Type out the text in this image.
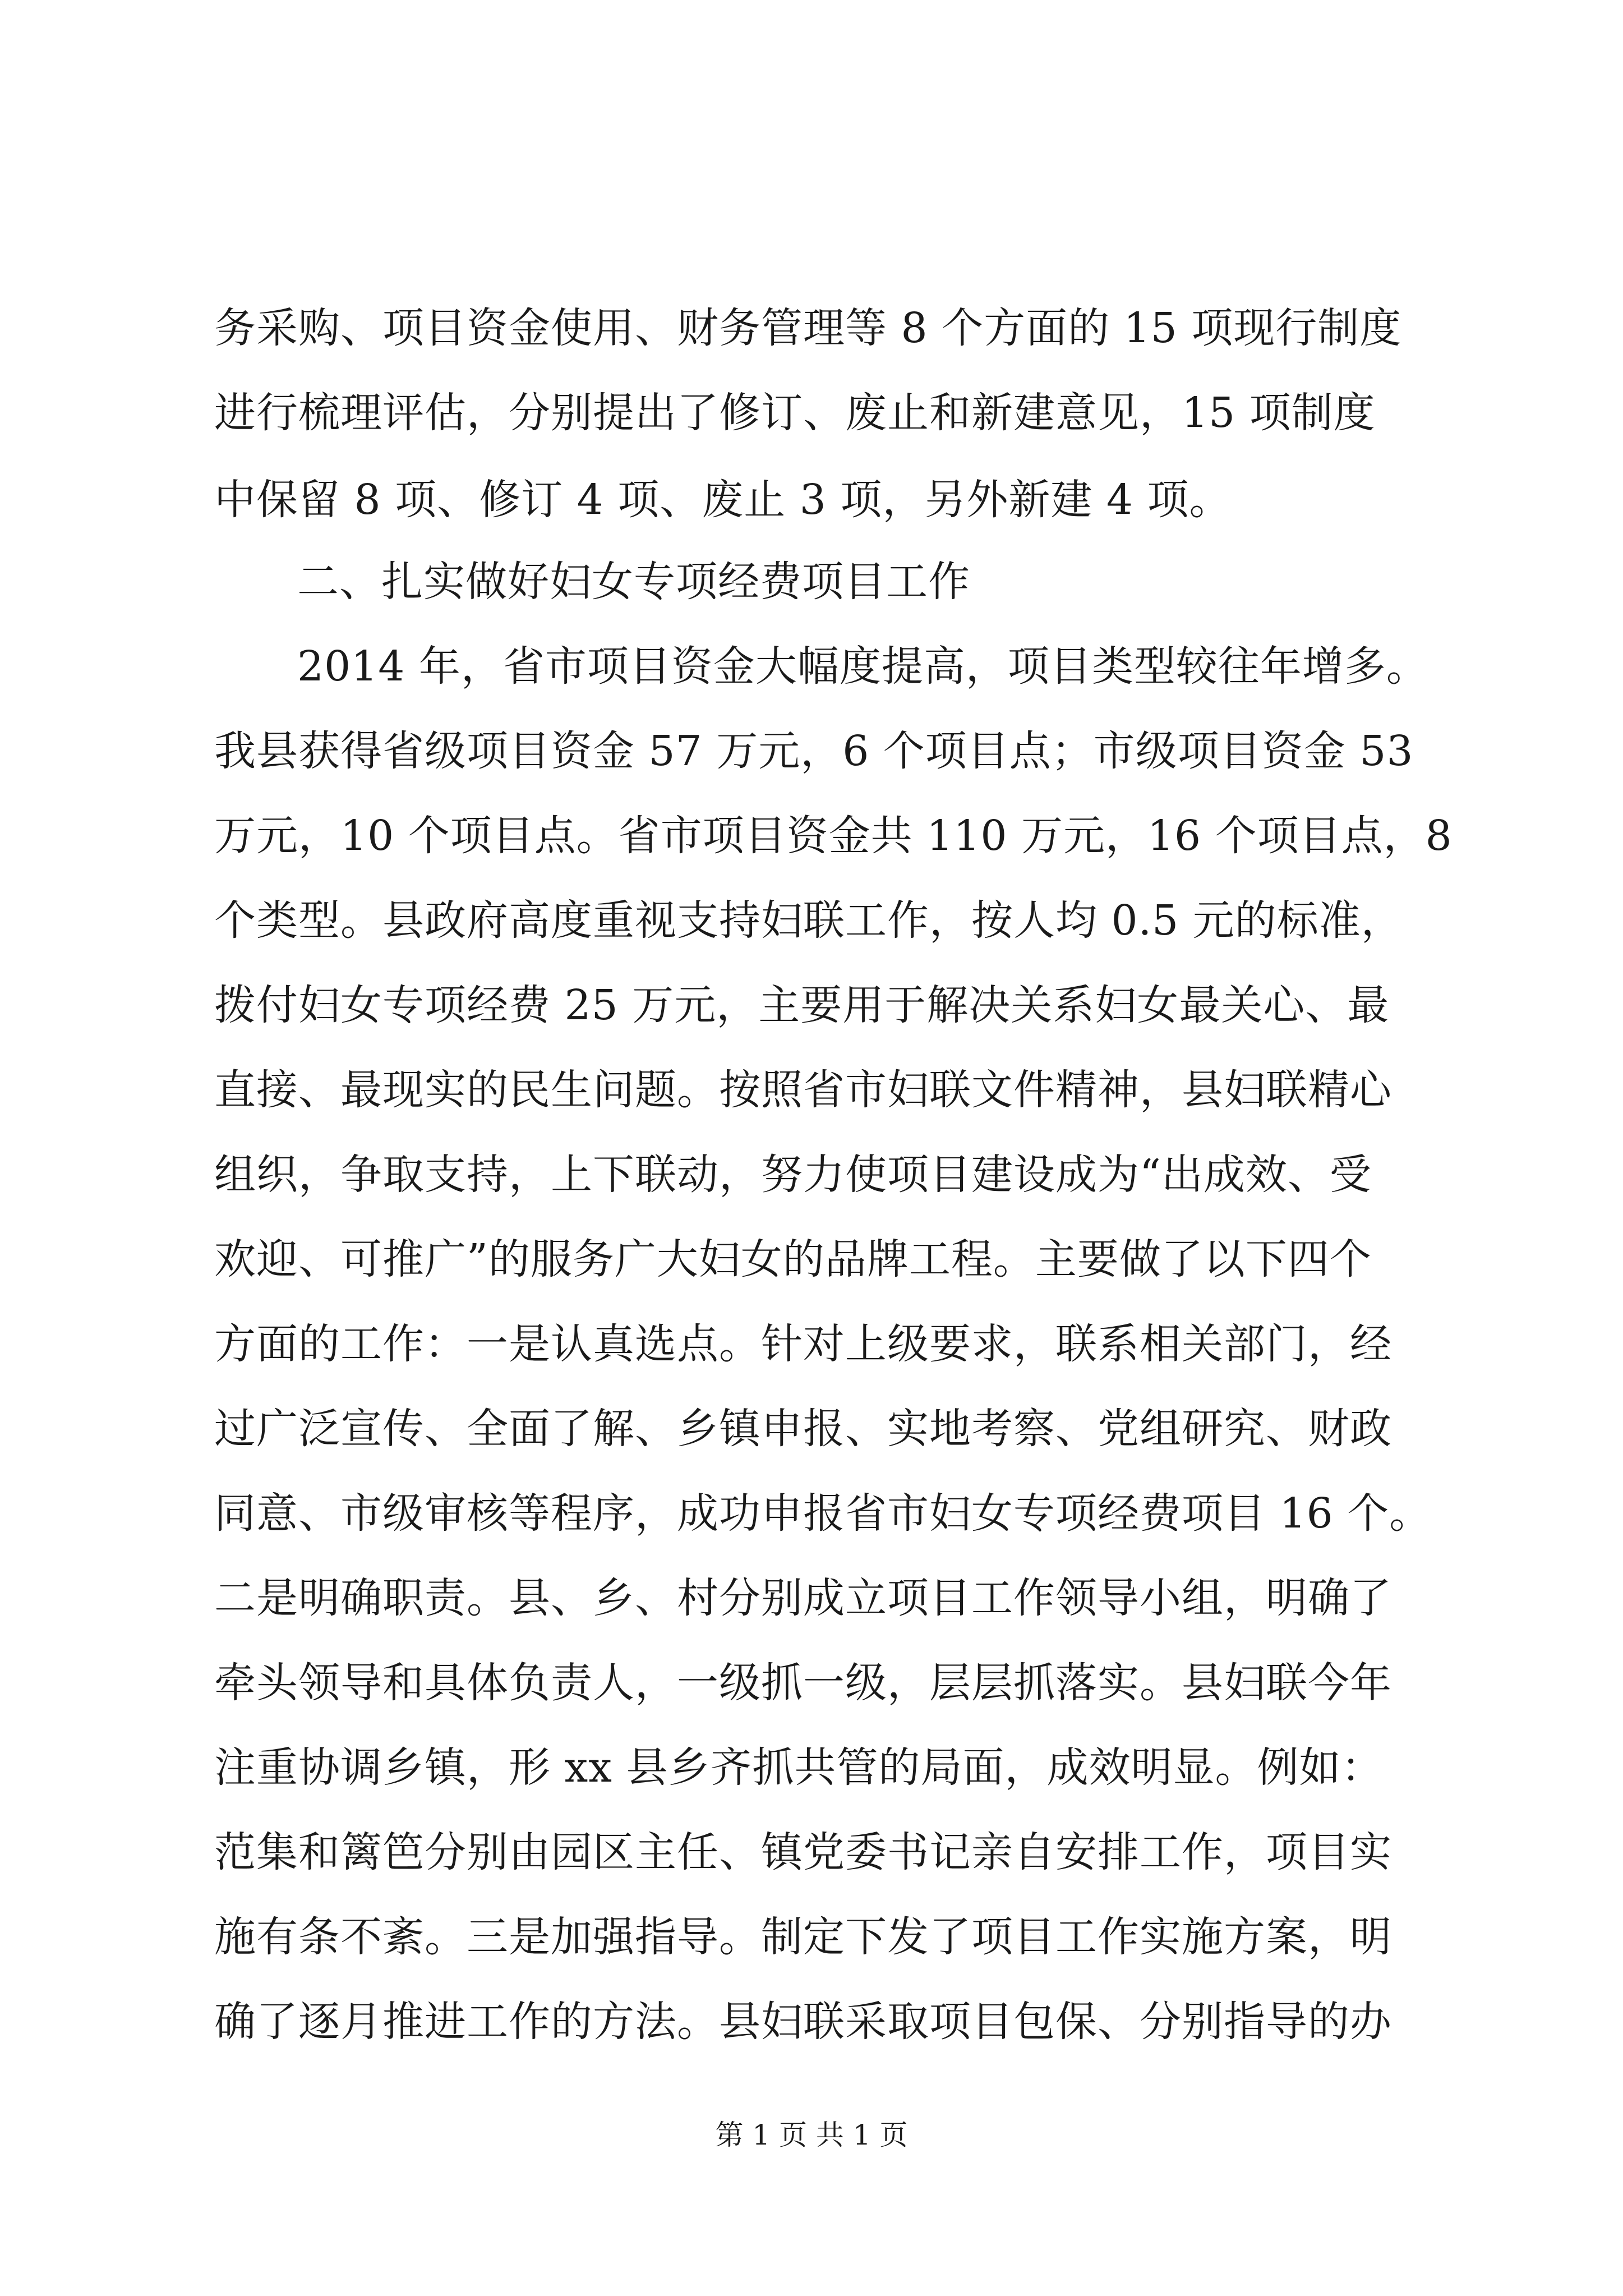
务采购、项目资金使用、财务管理等 8 个方面的 15 项现行制度
进行梳理评估，分别提出了修订、废止和新建意见，15 项制度
中保留 8 项、修订 4 项、废止 3 项，另外新建 4 项。
二、扎实做好妇女专项经费项目工作
2014 年，省市项目资金大幅度提高，项目类型较往年增多。
我县获得省级项目资金 57 万元，6 个项目点；市级项目资金 53
万元，10 个项目点。省市项目资金共 110 万元，16 个项目点，8
个类型。县政府高度重视支持妇联工作，按人均 0.5 元的标准，
拨付妇女专项经费 25 万元，主要用于解决关系妇女最关心、最
直接、最现实的民生问题。按照省市妇联文件精神，县妇联精心
组织，争取支持，上下联动，努力使项目建设成为“出成效、受
欢迎、可推广”的服务广大妇女的品牌工程。主要做了以下四个
方面的工作：一是认真选点。针对上级要求，联系相关部门，经
过广泛宣传、全面了解、乡镇申报、实地考察、党组研究、财政
同意、市级审核等程序，成功申报省市妇女专项经费项目 16 个。
二是明确职责。县、乡、村分别成立项目工作领导小组，明确了
牵头领导和具体负责人，一级抓一级，层层抓落实。县妇联今年
注重协调乡镇，形 xx 县乡齐抓共管的局面，成效明显。例如：
范集和篱笆分别由园区主任、镇党委书记亲自安排工作，项目实
施有条不紊。三是加强指导。制定下发了项目工作实施方案，明
确了逐月推进工作的方法。县妇联采取项目包保、分别指导的办
第 1 页 共 1 页
